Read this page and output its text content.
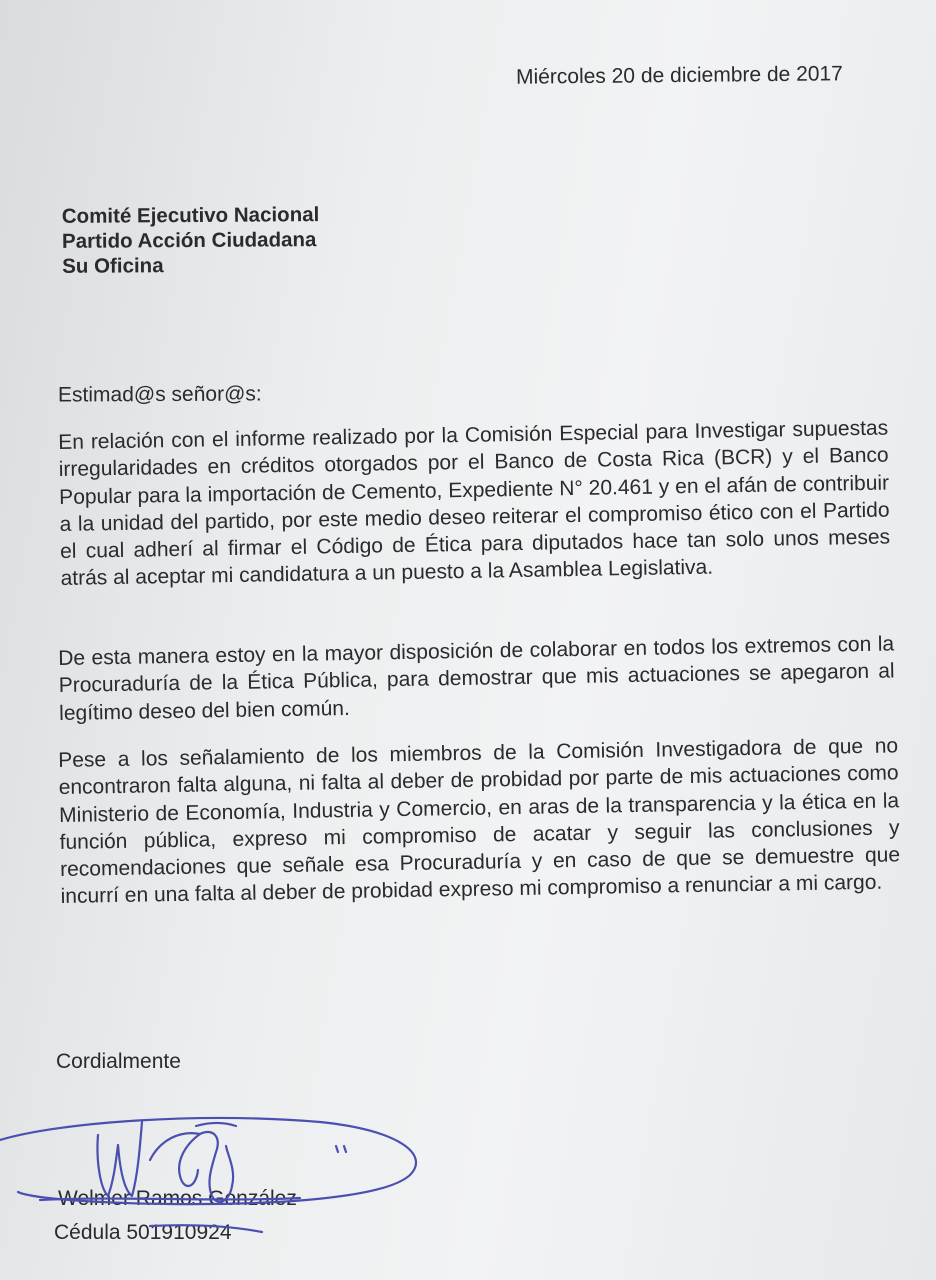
Miércoles 20 de diciembre de 2017
Comité Ejecutivo Nacional
Partido Acción Ciudadana
Su Oficina
Estimad@s señor@s:
En relación con el informe realizado por la Comisión Especial para Investigar supuestas irregularidades en créditos otorgados por el Banco de Costa Rica (BCR) y el Banco Popular para la importación de Cemento, Expediente N° 20.461 y en el afán de contribuir a la unidad del partido, por este medio deseo reiterar el compromiso ético con el Partido el cual adherí al firmar el Código de Ética para diputados hace tan solo unos meses atrás al aceptar mi candidatura a un puesto a la Asamblea Legislativa.
De esta manera estoy en la mayor disposición de colaborar en todos los extremos con la Procuraduría de la Ética Pública, para demostrar que mis actuaciones se apegaron al legítimo deseo del bien común.
Pese a los señalamiento de los miembros de la Comisión Investigadora de que no encontraron falta alguna, ni falta al deber de probidad por parte de mis actuaciones como Ministerio de Economía, Industria y Comercio, en aras de la transparencia y la ética en la función pública, expreso mi compromiso de acatar y seguir las conclusiones y recomendaciones que señale esa Procuraduría y en caso de que se demuestre que incurrí en una falta al deber de probidad expreso mi compromiso a renunciar a mi cargo.
Cordialmente
Welmer Ramos González
Cédula 501910924
